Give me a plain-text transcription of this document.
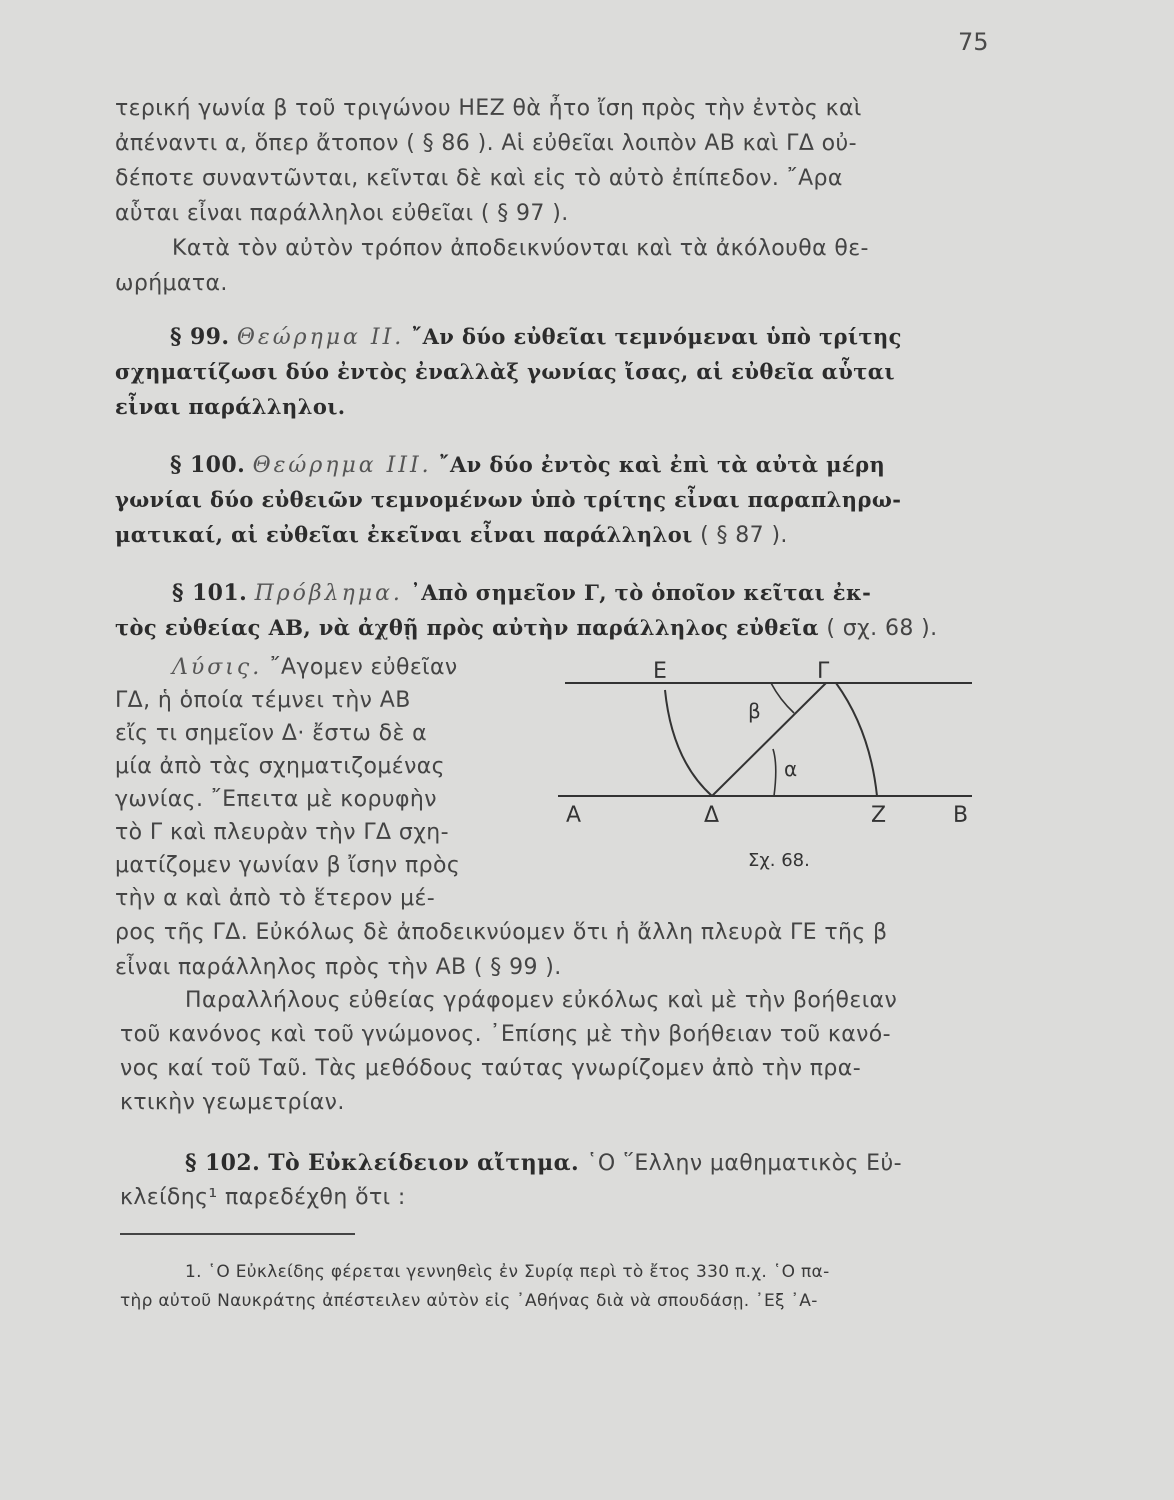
75
τερική γωνία β τοῦ τριγώνου ΗΕΖ θὰ ἦτο ἴση πρὸς τὴν ἐντὸς καὶ
ἀπέναντι α, ὅπερ ἄτοπον ( § 86 ). Αἱ εὐθεῖαι λοιπὸν ΑΒ καὶ ΓΔ οὐ-
δέποτε συναντῶνται, κεῖνται δὲ καὶ εἰς τὸ αὐτὸ ἐπίπεδον. ῎Αρα
αὗται εἶναι παράλληλοι εὐθεῖαι ( § 97 ).
Κατὰ τὸν αὐτὸν τρόπον ἀποδεικνύονται καὶ τὰ ἀκόλουθα θε-
ωρήματα.
§ 99. Θεώρημα II. ῎Αν δύο εὐθεῖαι τεμνόμεναι ὑπὸ τρίτης
σχηματίζωσι δύο ἐντὸς ἐναλλὰξ γωνίας ἴσας, αἱ εὐθεῖα αὗται
εἶναι παράλληλοι.
§ 100. Θεώρημα III. ῎Αν δύο ἐντὸς καὶ ἐπὶ τὰ αὐτὰ μέρη
γωνίαι δύο εὐθειῶν τεμνομένων ὑπὸ τρίτης εἶναι παραπληρω-
ματικαί, αἱ εὐθεῖαι ἐκεῖναι εἶναι παράλληλοι ( § 87 ).
§ 101. Πρόβλημα. ᾿Απὸ σημεῖον Γ, τὸ ὁποῖον κεῖται ἐκ-
τὸς εὐθείας ΑΒ, νὰ ἀχθῇ πρὸς αὐτὴν παράλληλος εὐθεῖα ( σχ. 68 ).
Λύσις. ῎Αγομεν εὐθεῖαν
ΓΔ, ἡ ὁποία τέμνει τὴν ΑΒ
εἴς τι σημεῖον Δ· ἔστω δὲ α
μία ἀπὸ τὰς σχηματιζομένας
γωνίας. ῎Επειτα μὲ κορυφὴν
τὸ Γ καὶ πλευρὰν τὴν ΓΔ σχη-
ματίζομεν γωνίαν β ἴσην πρὸς
τὴν α καὶ ἀπὸ τὸ ἕτερον μέ-
ρος τῆς ΓΔ. Εὐκόλως δὲ ἀποδεικνύομεν ὅτι ἡ ἄλλη πλευρὰ ΓΕ τῆς β
εἶναι παράλληλος πρὸς τὴν ΑΒ ( § 99 ).
Ε	Γ
β
α
Α	Δ	Ζ	Β
Σχ. 68.
Παραλλήλους εὐθείας γράφομεν εὐκόλως καὶ μὲ τὴν βοήθειαν
τοῦ κανόνος καὶ τοῦ γνώμονος. ᾿Επίσης μὲ τὴν βοήθειαν τοῦ κανό-
νος καί τοῦ Ταῦ. Τὰς μεθόδους ταύτας γνωρίζομεν ἀπὸ τὴν πρα-
κτικὴν γεωμετρίαν.
§ 102. Τὸ Εὐκλείδειον αἴτημα. ῾Ο ῞Ελλην μαθηματικὸς Εὐ-
κλείδης¹ παρεδέχθη ὅτι :
1. ῾Ο Εὐκλείδης φέρεται γεννηθεὶς ἐν Συρίᾳ περὶ τὸ ἔτος 330 π.χ. ῾Ο πα-
τὴρ αὐτοῦ Ναυκράτης ἀπέστειλεν αὐτὸν εἰς ᾿Αθήνας διὰ νὰ σπουδάσῃ. ᾿Εξ ᾿Α-
